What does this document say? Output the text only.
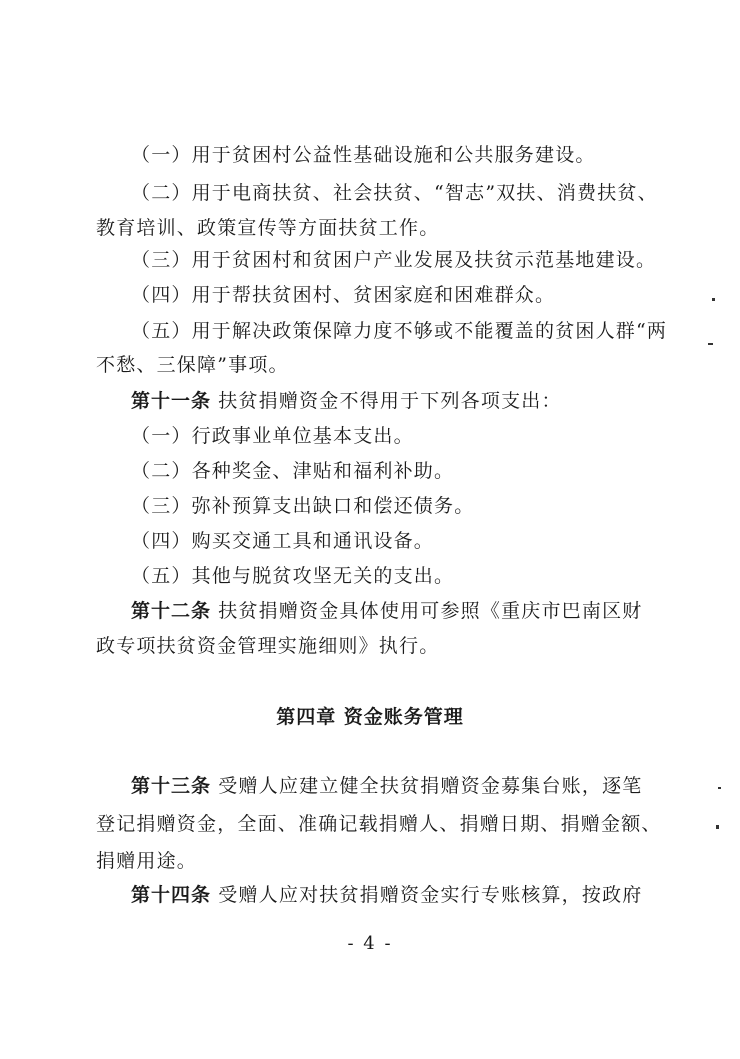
（一）用于贫困村公益性基础设施和公共服务建设。
（二）用于电商扶贫、社会扶贫、“智志”双扶、消费扶贫、
教育培训、政策宣传等方面扶贫工作。
（三）用于贫困村和贫困户产业发展及扶贫示范基地建设。
（四）用于帮扶贫困村、贫困家庭和困难群众。
（五）用于解决政策保障力度不够或不能覆盖的贫困人群“两
不愁、三保障”事项。
第十一条 扶贫捐赠资金不得用于下列各项支出：
（一）行政事业单位基本支出。
（二）各种奖金、津贴和福利补助。
（三）弥补预算支出缺口和偿还债务。
（四）购买交通工具和通讯设备。
（五）其他与脱贫攻坚无关的支出。
第十二条 扶贫捐赠资金具体使用可参照《重庆市巴南区财
政专项扶贫资金管理实施细则》执行。
第四章 资金账务管理
第十三条 受赠人应建立健全扶贫捐赠资金募集台账，逐笔
登记捐赠资金，全面、准确记载捐赠人、捐赠日期、捐赠金额、
捐赠用途。
第十四条 受赠人应对扶贫捐赠资金实行专账核算，按政府
- 4 -
